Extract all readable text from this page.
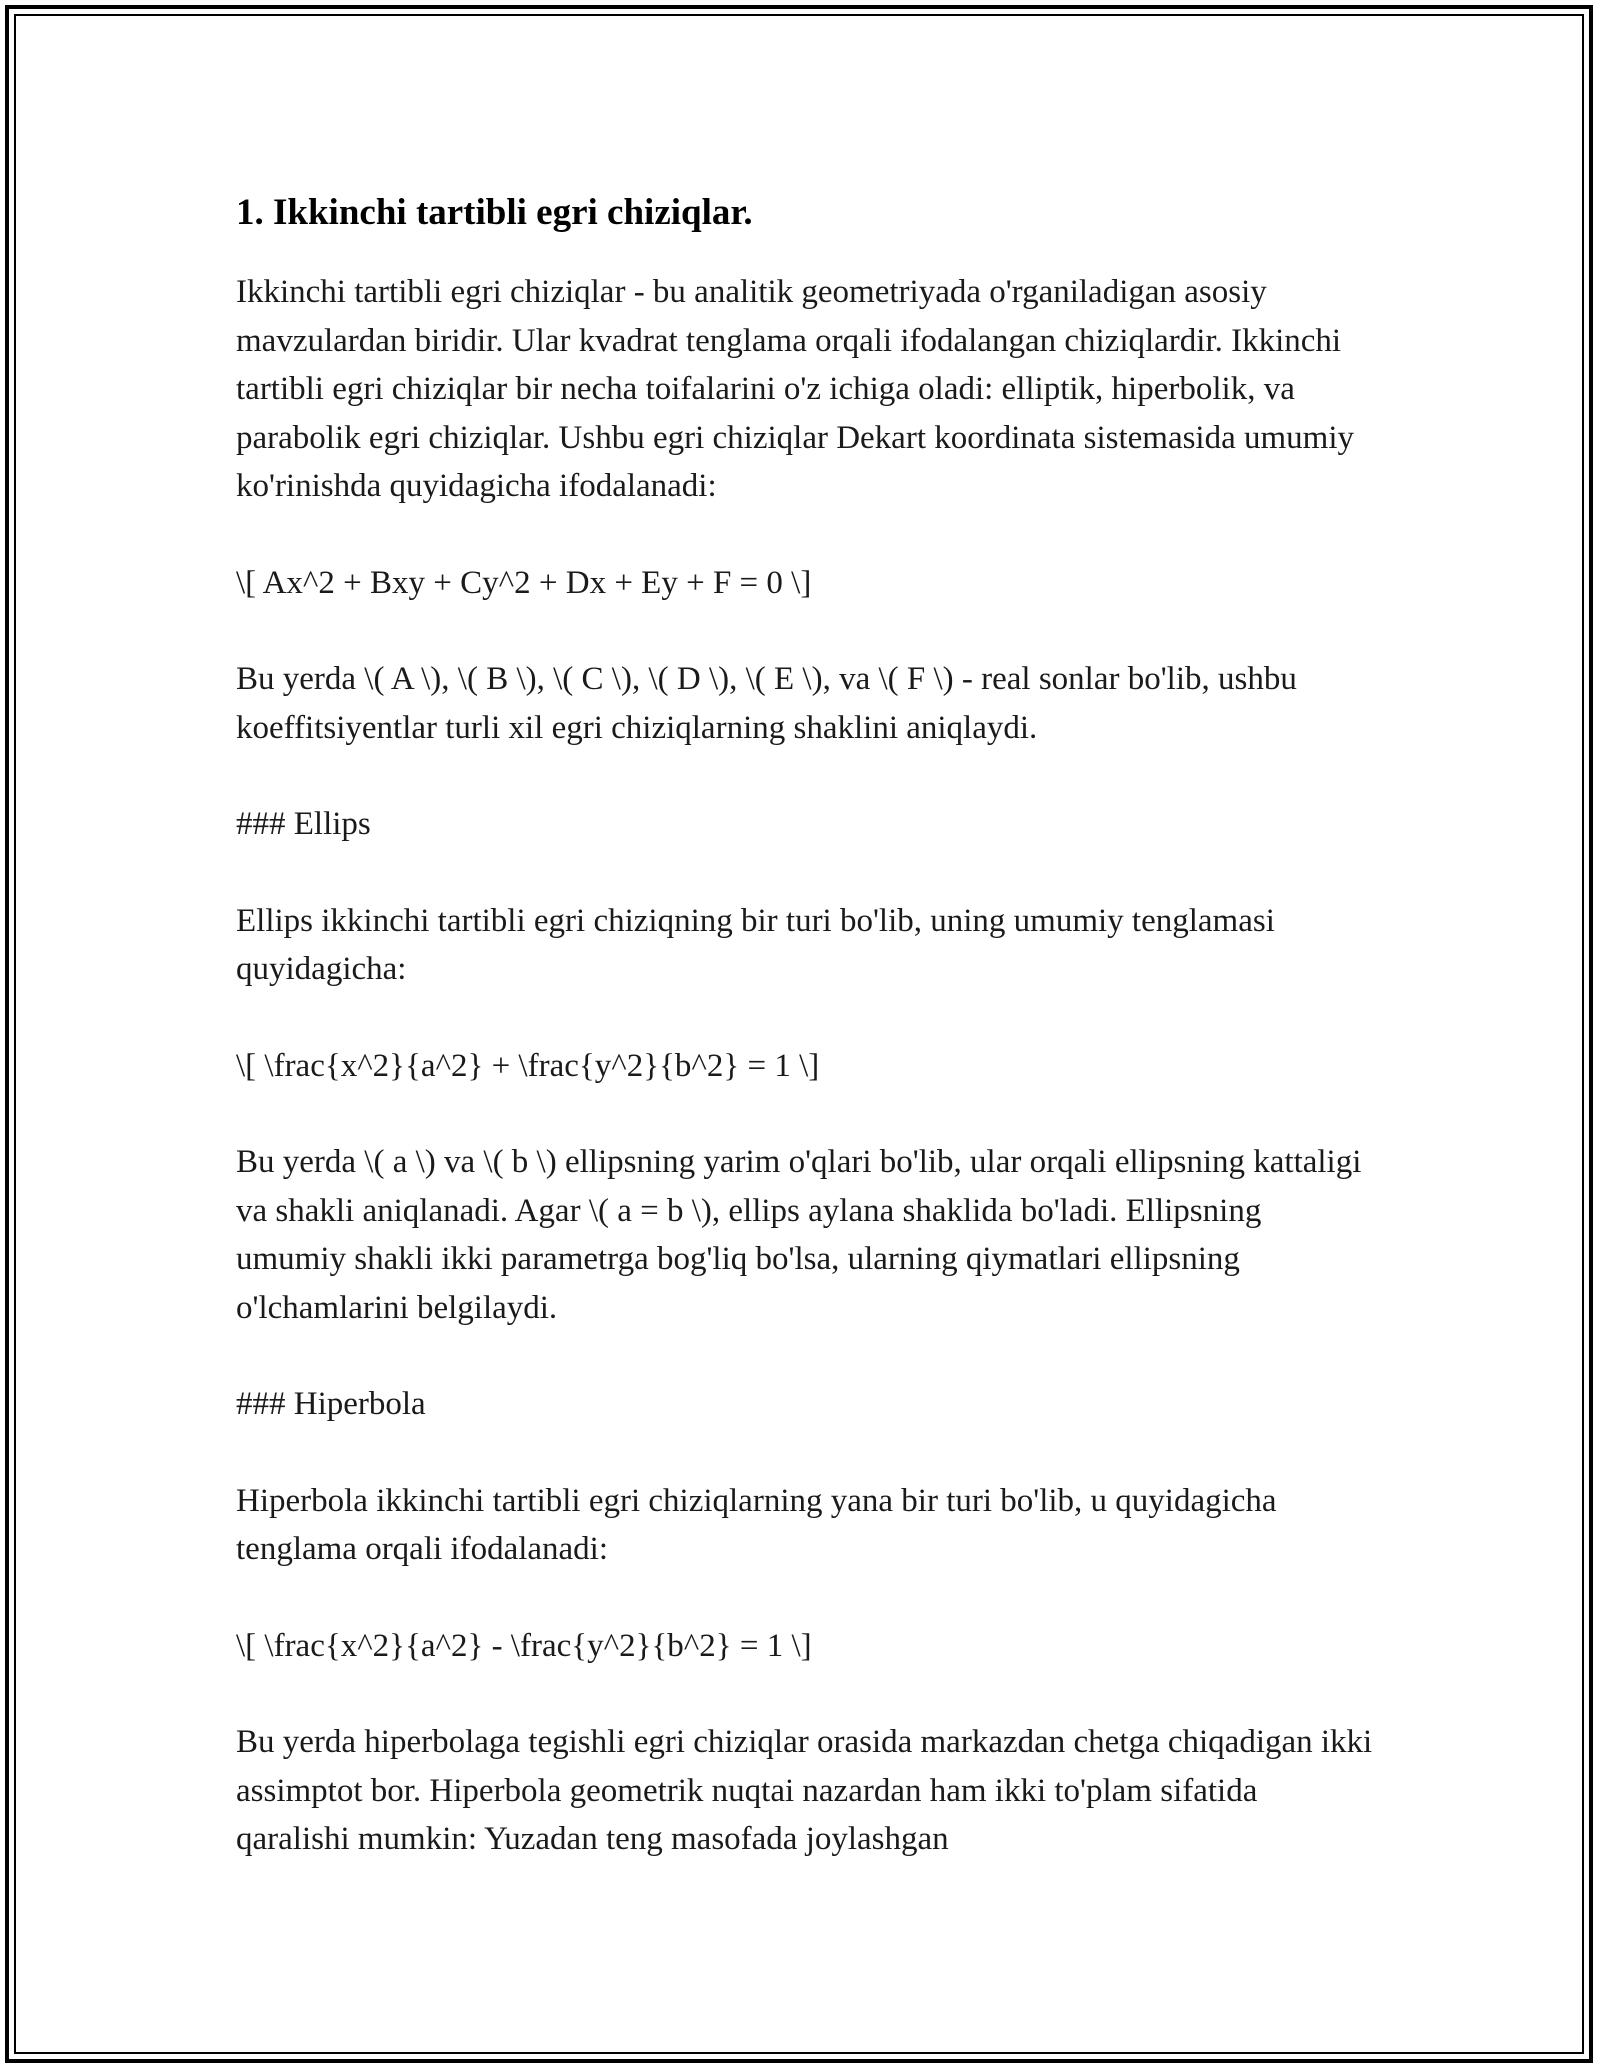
1. Ikkinchi tartibli egri chiziqlar.

Ikkinchi tartibli egri chiziqlar - bu analitik geometriyada o'rganiladigan asosiy mavzulardan biridir. Ular kvadrat tenglama orqali ifodalangan chiziqlardir. Ikkinchi tartibli egri chiziqlar bir necha toifalarini o'z ichiga oladi: elliptik, hiperbolik, va parabolik egri chiziqlar. Ushbu egri chiziqlar Dekart koordinata sistemasida umumiy ko'rinishda quyidagicha ifodalanadi:

\[ Ax^2 + Bxy + Cy^2 + Dx + Ey + F = 0 \]

Bu yerda \( A \), \( B \), \( C \), \( D \), \( E \), va \( F \) - real sonlar bo'lib, ushbu koeffitsiyentlar turli xil egri chiziqlarning shaklini aniqlaydi.

### Ellips

Ellips ikkinchi tartibli egri chiziqning bir turi bo'lib, uning umumiy tenglamasi quyidagicha:

\[ \frac{x^2}{a^2} + \frac{y^2}{b^2} = 1 \]

Bu yerda \( a \) va \( b \) ellipsning yarim o'qlari bo'lib, ular orqali ellipsning kattaligi va shakli aniqlanadi. Agar \( a = b \), ellips aylana shaklida bo'ladi. Ellipsning umumiy shakli ikki parametrga bog'liq bo'lsa, ularning qiymatlari ellipsning o'lchamlarini belgilaydi.

### Hiperbola

Hiperbola ikkinchi tartibli egri chiziqlarning yana bir turi bo'lib, u quyidagicha tenglama orqali ifodalanadi:

\[ \frac{x^2}{a^2} - \frac{y^2}{b^2} = 1 \]

Bu yerda hiperbolaga tegishli egri chiziqlar orasida markazdan chetga chiqadigan ikki assimptot bor. Hiperbola geometrik nuqtai nazardan ham ikki to'plam sifatida qaralishi mumkin: Yuzadan teng masofada joylashgan
